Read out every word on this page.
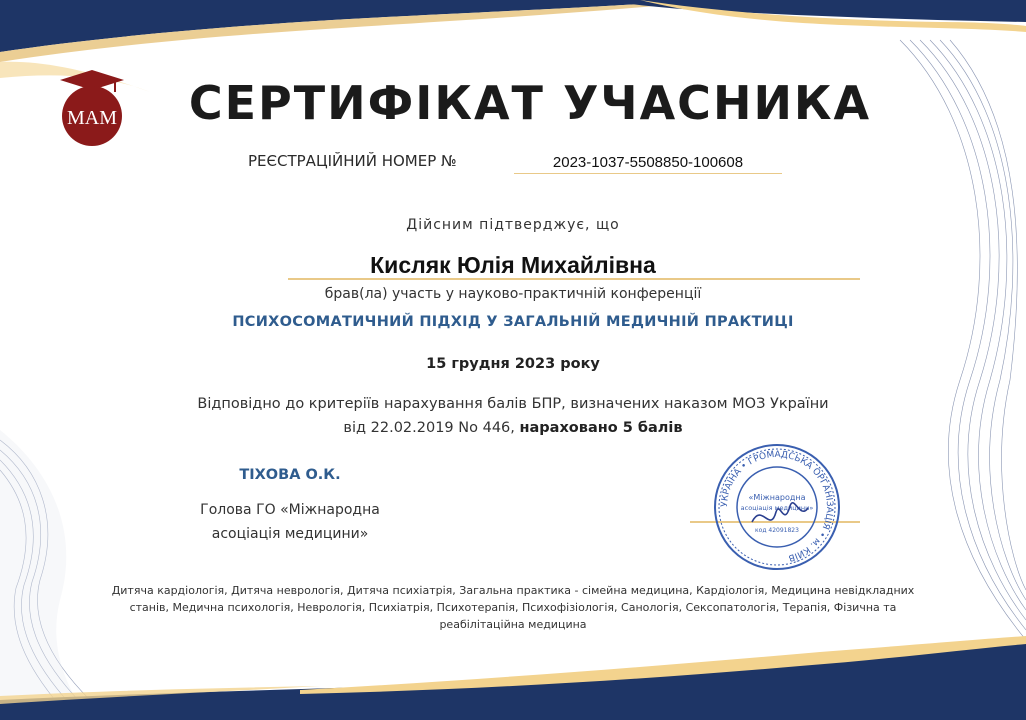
MAM	СЕРТИФІКАТ УЧАСНИКА
РЕЄСТРАЦІЙНИЙ НОМЕР №	2023-1037-5508850-100608
Дійсним підтверджує, що
Кисляк Юлія Михайлівна
брав(ла) участь у науково-практичній конференції
ПСИХОСОМАТИЧНИЙ ПІДХІД У ЗАГАЛЬНІЙ МЕДИЧНІЙ ПРАКТИЦІ
15 грудня 2023 року
Відповідно до критеріїв нарахування балів БПР, визначених наказом МОЗ України
від 22.02.2019 No 446, нараховано 5 балів
ТІХОВА О.К.
Голова ГО «Міжнародна
асоціація медицини»
УКРАЇНА • ГРОМАДСЬКА ОРГАНІЗАЦІЯ • м. КИЇВ
«Міжнародна
асоціація медицини»
код 42091823
Дитяча кардіологія, Дитяча неврологія, Дитяча психіатрія, Загальна практика - сімейна медицина, Кардіологія, Медицина невідкладних
станів, Медична психологія, Неврологія, Психіатрія, Психотерапія, Психофізіологія, Санологія, Сексопатологія, Терапія, Фізична та
реабілітаційна медицина
